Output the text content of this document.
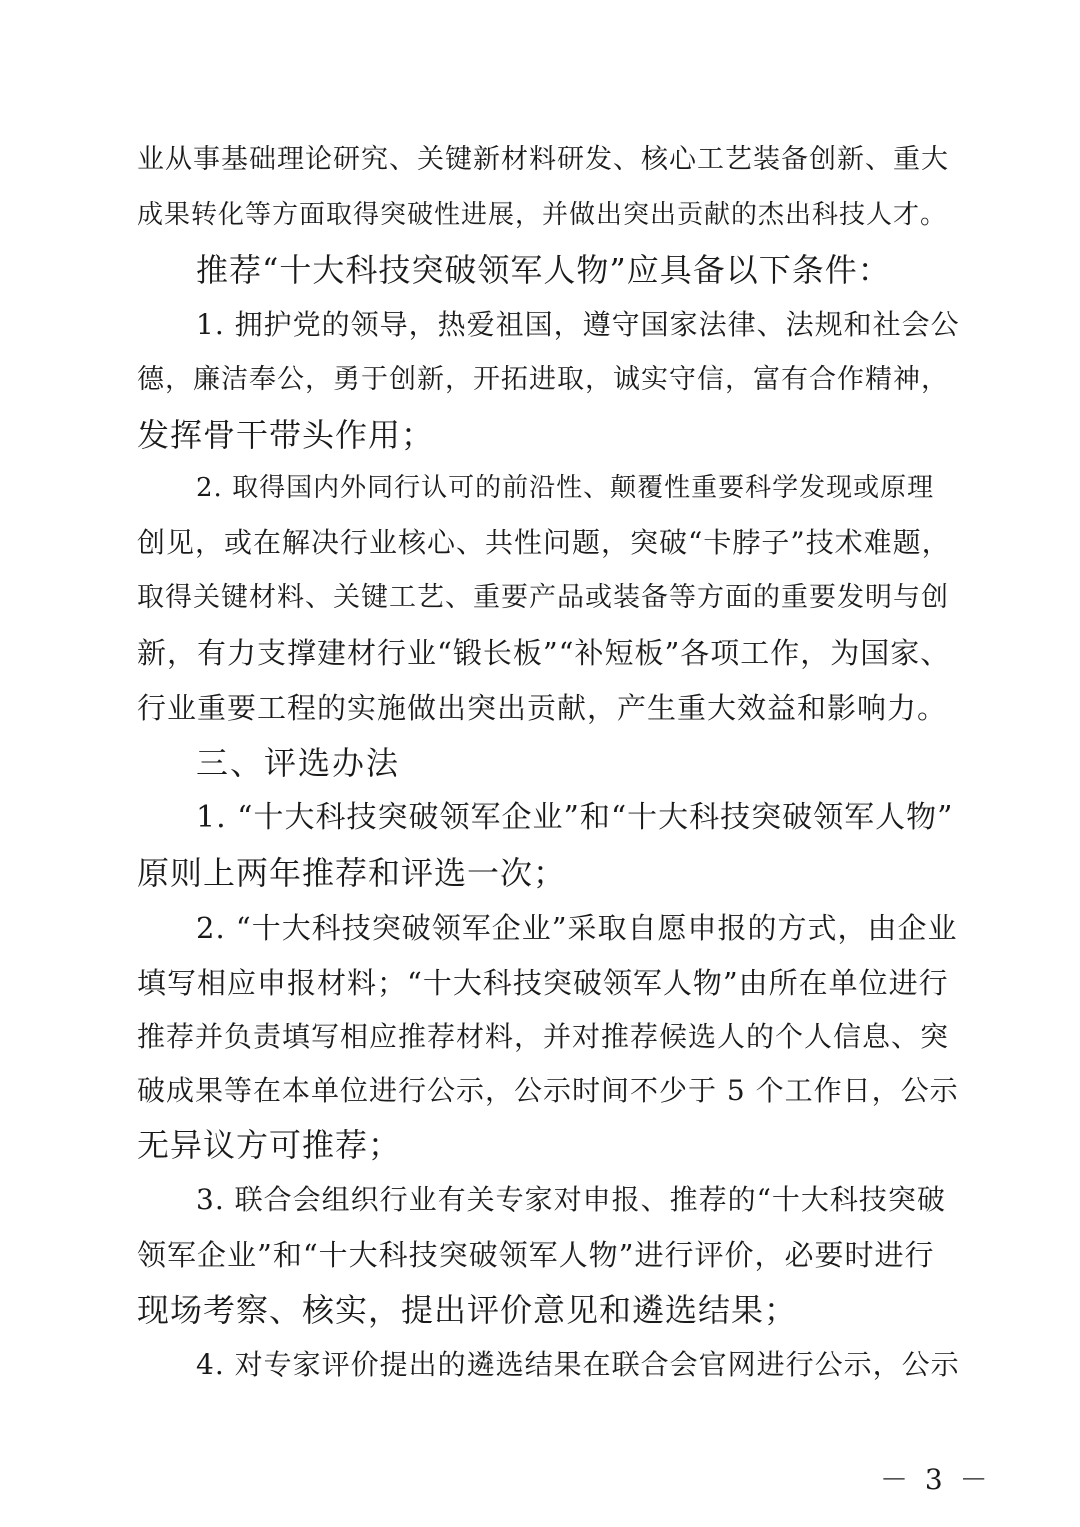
业从事基础理论研究、关键新材料研发、核心工艺装备创新、重大
成果转化等方面取得突破性进展，并做出突出贡献的杰出科技人才。
推荐“十大科技突破领军人物”应具备以下条件：
1. 拥护党的领导，热爱祖国，遵守国家法律、法规和社会公
德，廉洁奉公，勇于创新，开拓进取，诚实守信，富有合作精神，
发挥骨干带头作用；
2. 取得国内外同行认可的前沿性、颠覆性重要科学发现或原理
创见，或在解决行业核心、共性问题，突破“卡脖子”技术难题，
取得关键材料、关键工艺、重要产品或装备等方面的重要发明与创
新，有力支撑建材行业“锻长板”“补短板”各项工作，为国家、
行业重要工程的实施做出突出贡献，产生重大效益和影响力。
三、评选办法
1. “十大科技突破领军企业”和“十大科技突破领军人物”
原则上两年推荐和评选一次；
2. “十大科技突破领军企业”采取自愿申报的方式，由企业
填写相应申报材料；“十大科技突破领军人物”由所在单位进行
推荐并负责填写相应推荐材料，并对推荐候选人的个人信息、突
破成果等在本单位进行公示，公示时间不少于 5 个工作日，公示
无异议方可推荐；
3. 联合会组织行业有关专家对申报、推荐的“十大科技突破
领军企业”和“十大科技突破领军人物”进行评价，必要时进行
现场考察、核实，提出评价意见和遴选结果；
4. 对专家评价提出的遴选结果在联合会官网进行公示，公示
－ 3 －
